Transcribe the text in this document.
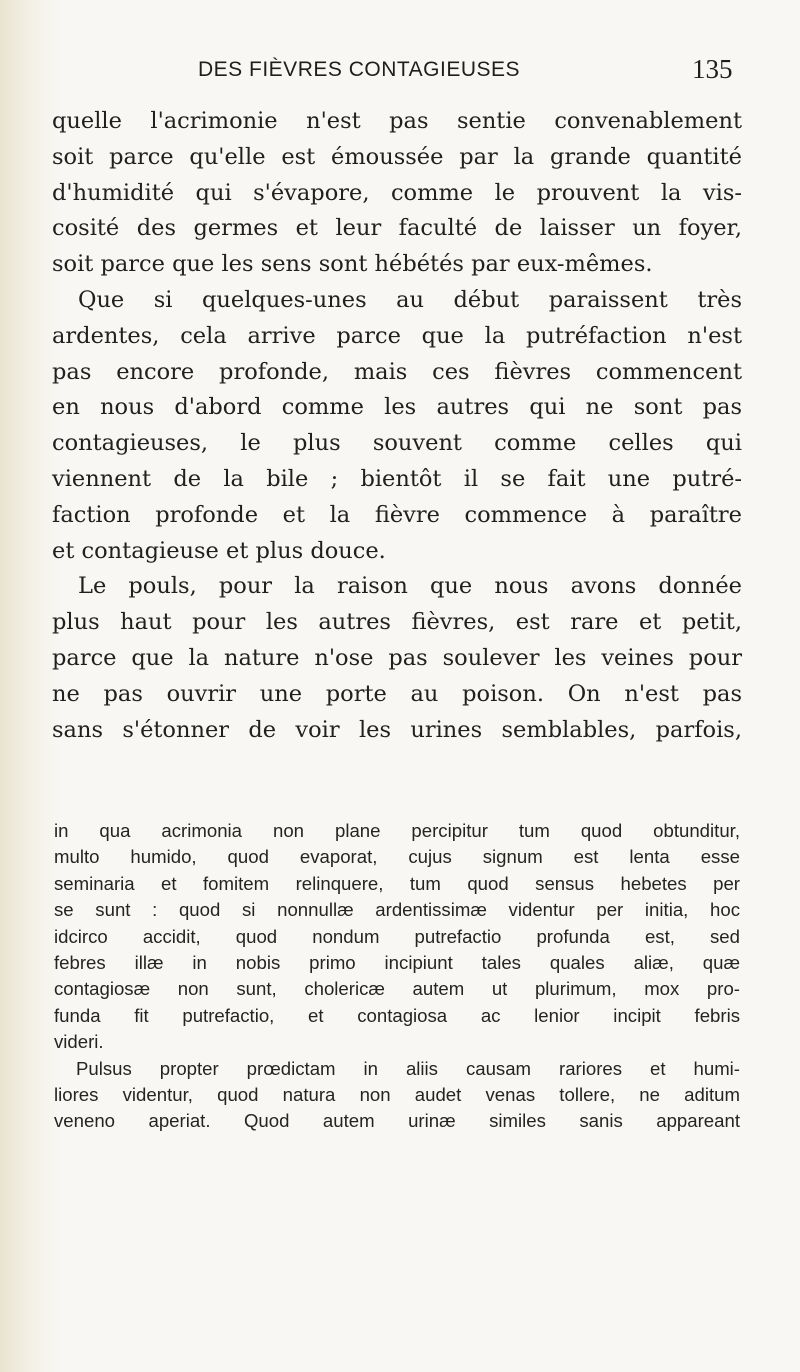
DES FIÈVRES CONTAGIEUSES	135
quelle l'acrimonie n'est pas sentie convenablement
soit parce qu'elle est émoussée par la grande quantité
d'humidité qui s'évapore, comme le prouvent la vis-
cosité des germes et leur faculté de laisser un foyer,
soit parce que les sens sont hébétés par eux-mêmes.
Que si quelques-unes au début paraissent très
ardentes, cela arrive parce que la putréfaction n'est
pas encore profonde, mais ces fièvres commencent
en nous d'abord comme les autres qui ne sont pas
contagieuses, le plus souvent comme celles qui
viennent de la bile ; bientôt il se fait une putré-
faction profonde et la fièvre commence à paraître
et contagieuse et plus douce.
Le pouls, pour la raison que nous avons donnée
plus haut pour les autres fièvres, est rare et petit,
parce que la nature n'ose pas soulever les veines pour
ne pas ouvrir une porte au poison. On n'est pas
sans s'étonner de voir les urines semblables, parfois,
in qua acrimonia non plane percipitur tum quod obtunditur,
multo humido, quod evaporat, cujus signum est lenta esse
seminaria et fomitem relinquere, tum quod sensus hebetes per
se sunt : quod si nonnullæ ardentissimæ videntur per initia, hoc
idcirco accidit, quod nondum putrefactio profunda est, sed
febres illæ in nobis primo incipiunt tales quales aliæ, quæ
contagiosæ non sunt, cholericæ autem ut plurimum, mox pro-
funda fit putrefactio, et contagiosa ac lenior incipit febris
videri.
Pulsus propter prœdictam in aliis causam rariores et humi-
liores videntur, quod natura non audet venas tollere, ne aditum
veneno aperiat. Quod autem urinæ similes sanis appareant
